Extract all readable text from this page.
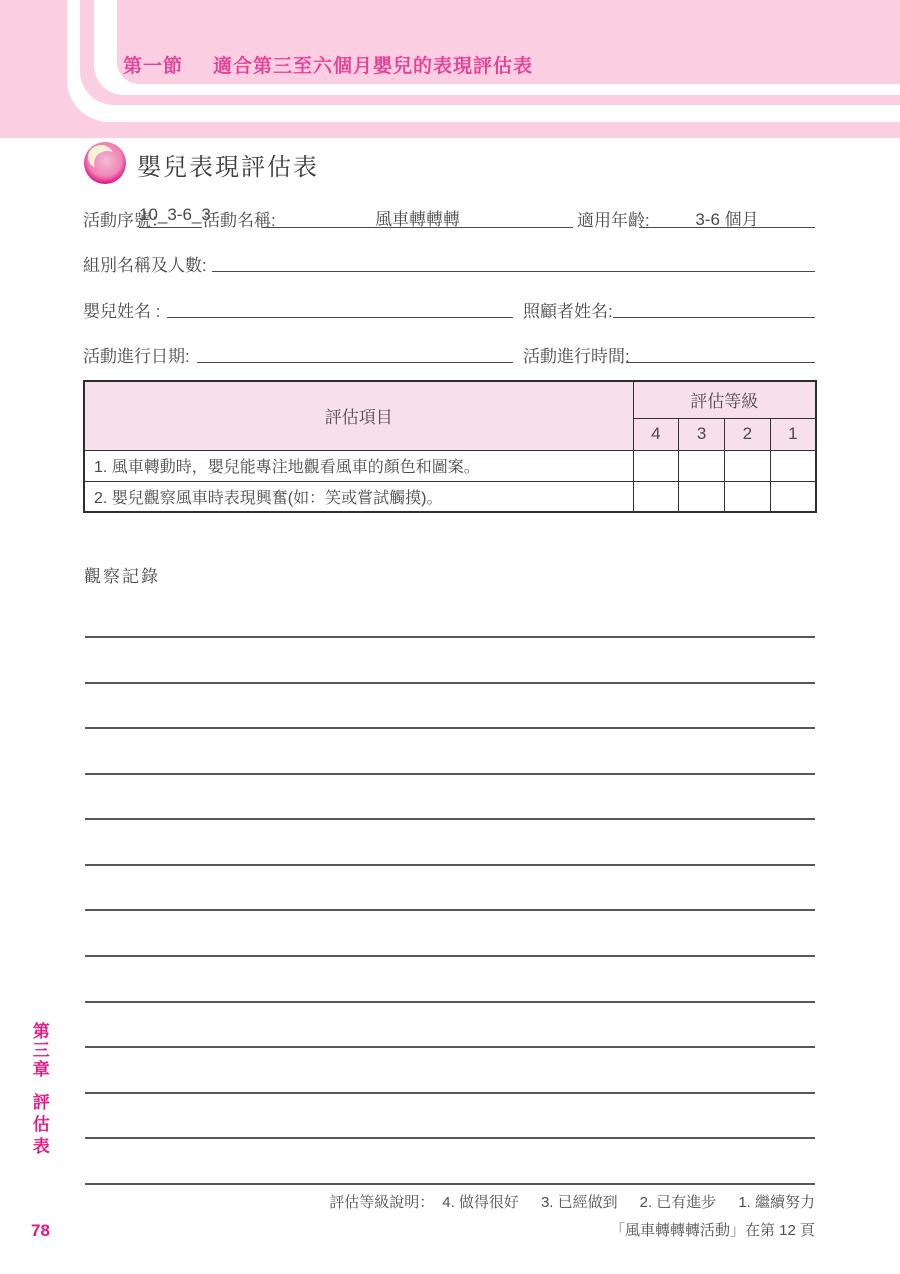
第一節 適合第三至六個月嬰兒的表現評估表
嬰兒表現評估表
活動序號：
10_3-6_3
活動名稱:	風車轉轉轉	適用年齡:	3-6 個月
組別名稱及人數:
嬰兒姓名 :	照顧者姓名:
活動進行日期:	活動進行時間:
評估項目	評估等級			
	4	3	2	1
1. 風車轉動時，嬰兒能專注地觀看風車的顏色和圖案。				
2. 嬰兒觀察風車時表現興奮(如：笑或嘗試觸摸)。				
觀察記錄
評估等級說明： 4. 做得很好 3. 已經做到 2. 已有進步 1. 繼續努力
「風車轉轉轉活動」在第 12 頁
第三章
評估表
78
